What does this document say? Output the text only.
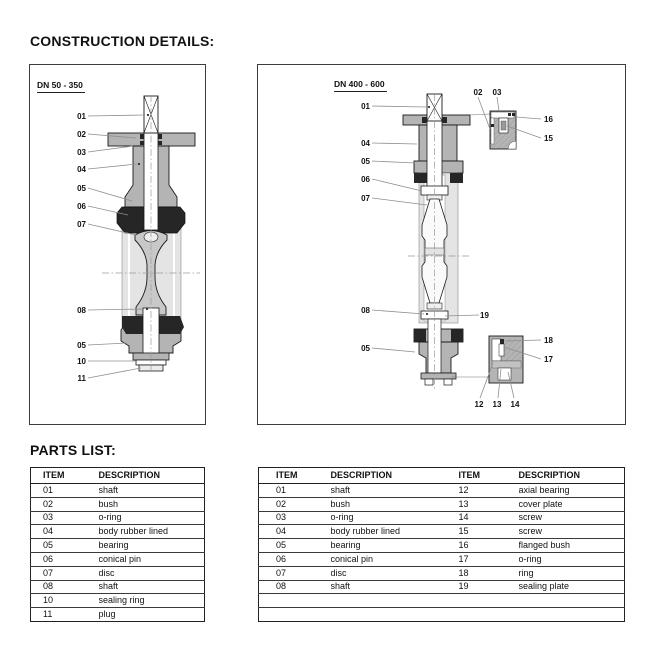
CONSTRUCTION DETAILS:
DN 50 - 350
01
02
03
04
05
06
07
08
05
10
11
DN 400 - 600
01
04
05
06
07
08
05
02 03
12 13 14
16
15
18
17
19
PARTS LIST:
ITEM	DESCRIPTION
01	shaft
02	bush
03	o-ring
04	body rubber lined
05	bearing
06	conical pin
07	disc
08	shaft
10	sealing ring
11	plug
ITEM	DESCRIPTION	ITEM	DESCRIPTION
01	shaft	12	axial bearing
02	bush	13	cover plate
03	o-ring	14	screw
04	body rubber lined	15	screw
05	bearing	16	flanged bush
06	conical pin	17	o-ring
07	disc	18	ring
08	shaft	19	sealing plate
